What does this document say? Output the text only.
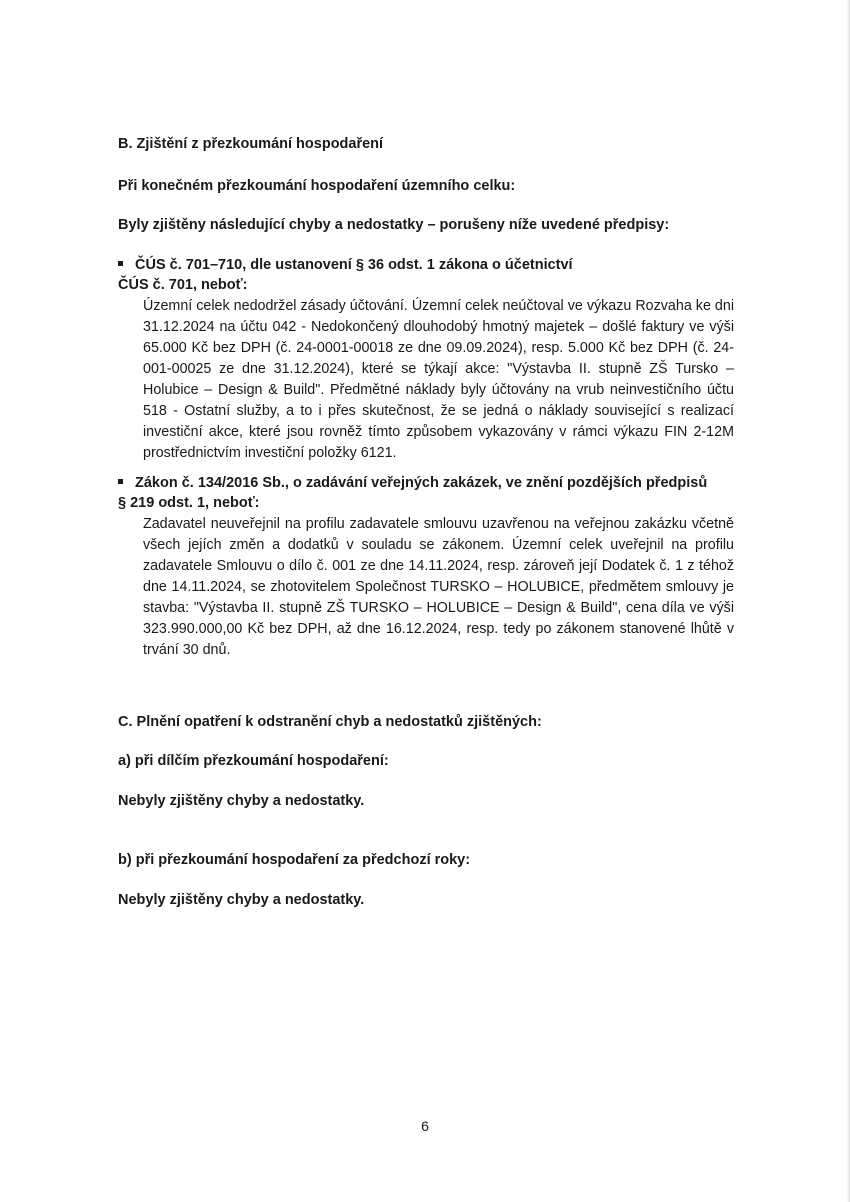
B. Zjištění z přezkoumání hospodaření
Při konečném přezkoumání hospodaření územního celku:
Byly zjištěny následující chyby a nedostatky – porušeny níže uvedené předpisy:
ČÚS č. 701–710, dle ustanovení § 36 odst. 1 zákona o účetnictví
ČÚS č. 701, neboť:
Územní celek nedodržel zásady účtování. Územní celek neúčtoval ve výkazu Rozvaha ke dni 31.12.2024 na účtu 042 - Nedokončený dlouhodobý hmotný majetek – došlé faktury ve výši 65.000 Kč bez DPH (č. 24-0001-00018 ze dne 09.09.2024), resp. 5.000 Kč bez DPH (č. 24-001-00025 ze dne 31.12.2024), které se týkají akce: "Výstavba II. stupně ZŠ Tursko – Holubice – Design & Build". Předmětné náklady byly účtovány na vrub neinvestičního účtu 518 - Ostatní služby, a to i přes skutečnost, že se jedná o náklady související s realizací investiční akce, které jsou rovněž tímto způsobem vykazovány v rámci výkazu FIN 2-12M prostřednictvím investiční položky 6121.
Zákon č. 134/2016 Sb., o zadávání veřejných zakázek, ve znění pozdějších předpisů
§ 219 odst. 1, neboť:
Zadavatel neuveřejnil na profilu zadavatele smlouvu uzavřenou na veřejnou zakázku včetně všech jejích změn a dodatků v souladu se zákonem. Územní celek uveřejnil na profilu zadavatele Smlouvu o dílo č. 001 ze dne 14.11.2024, resp. zároveň její Dodatek č. 1 z téhož dne 14.11.2024, se zhotovitelem Společnost TURSKO – HOLUBICE, předmětem smlouvy je stavba: "Výstavba II. stupně ZŠ TURSKO – HOLUBICE – Design & Build", cena díla ve výši 323.990.000,00 Kč bez DPH, až dne 16.12.2024, resp. tedy po zákonem stanovené lhůtě v trvání 30 dnů.
C. Plnění opatření k odstranění chyb a nedostatků zjištěných:
a) při dílčím přezkoumání hospodaření:
Nebyly zjištěny chyby a nedostatky.
b) při přezkoumání hospodaření za předchozí roky:
Nebyly zjištěny chyby a nedostatky.
6
